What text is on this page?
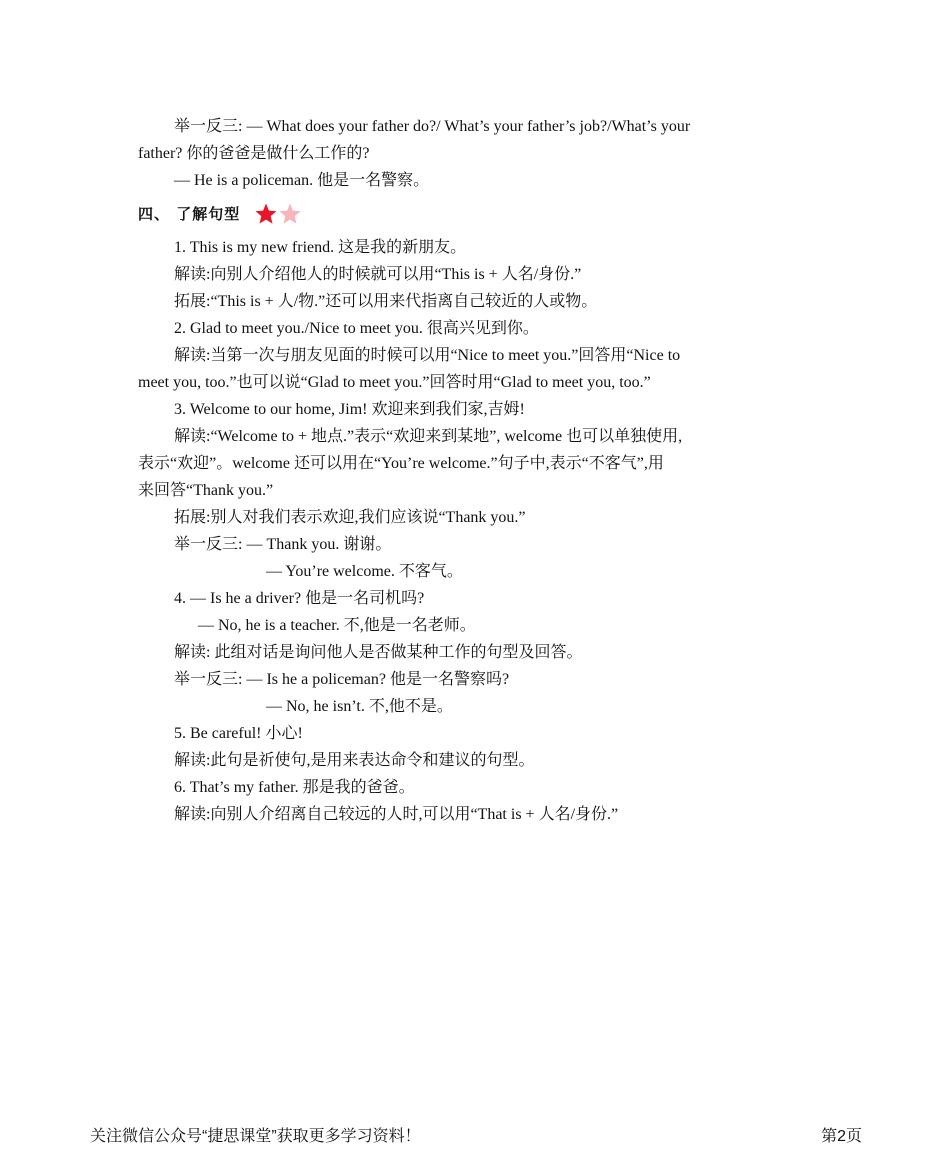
举一反三: — What does your father do?/ What’s your father’s job?/What’s your
father? 你的爸爸是做什么工作的?
— He is a policeman. 他是一名警察。
四、 了解句型
1. This is my new friend. 这是我的新朋友。
解读:向别人介绍他人的时候就可以用“This is + 人名/身份.”
拓展:“This is + 人/物.”还可以用来代指离自己较近的人或物。
2. Glad to meet you./Nice to meet you. 很高兴见到你。
解读:当第一次与朋友见面的时候可以用“Nice to meet you.”回答用“Nice to
meet you, too.”也可以说“Glad to meet you.”回答时用“Glad to meet you, too.”
3. Welcome to our home, Jim! 欢迎来到我们家,吉姆!
解读:“Welcome to + 地点.”表示“欢迎来到某地”, welcome 也可以单独使用,
表示“欢迎”。welcome 还可以用在“You’re welcome.”句子中,表示“不客气”,用
来回答“Thank you.”
拓展:别人对我们表示欢迎,我们应该说“Thank you.”
举一反三: — Thank you. 谢谢。
— You’re welcome. 不客气。
4. — Is he a driver? 他是一名司机吗?
— No, he is a teacher. 不,他是一名老师。
解读: 此组对话是询问他人是否做某种工作的句型及回答。
举一反三: — Is he a policeman? 他是一名警察吗?
— No, he isn’t. 不,他不是。
5. Be careful! 小心!
解读:此句是祈使句,是用来表达命令和建议的句型。
6. That’s my father. 那是我的爸爸。
解读:向别人介绍离自己较远的人时,可以用“That is + 人名/身份.”
关注微信公众号“捷思课堂”获取更多学习资料！	第2页
